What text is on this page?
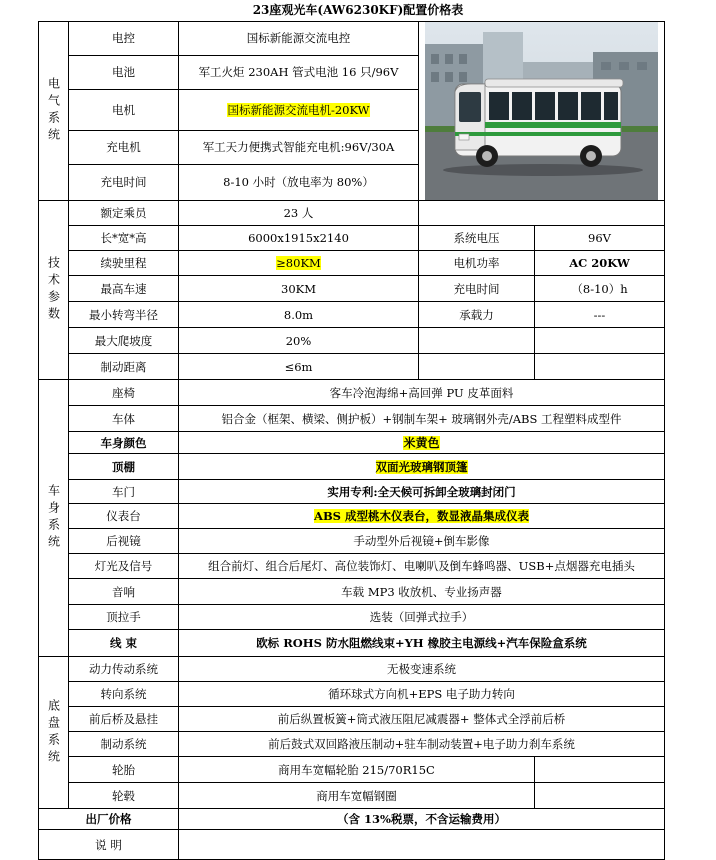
23座观光车(AW6230KF)配置价格表
电气系统	电控	国标新能源交流电控	

	电池	军工火炬 230AH 管式电池 16 只/96V		
	电机	国标新能源交流电机-20KW		
	充电机	军工天力便携式智能充电机:96V/30A		
	充电时间	8-10 小时（放电率为 80%）		
技术参数	额定乘员	23 人		
	长*宽*高	6000x1915x2140	系统电压	96V
	续驶里程	≥80KM	电机功率	AC 20KW
	最高车速	30KM	充电时间	（8-10）h
	最小转弯半径	8.0m	承载力	---
	最大爬坡度	20%		
	制动距离	≤6m		
车身系统	座椅	客车冷泡海绵+高回弹 PU 皮革面料		
	车体	铝合金（框架、横梁、侧护板）+钢制车架+ 玻璃钢外壳/ABS 工程塑料成型件		
	车身颜色	米黄色		
	顶棚	双面光玻璃钢顶篷		
	车门	实用专利:全天候可拆卸全玻璃封闭门		
	仪表台	ABS 成型桃木仪表台，数显液晶集成仪表		
	后视镜	手动型外后视镜+倒车影像		
	灯光及信号	组合前灯、组合后尾灯、高位装饰灯、电喇叭及倒车蜂鸣器、USB+点烟器充电插头		
	音响	车载 MP3 收放机、专业扬声器		
	顶拉手	选装（回弹式拉手）		
	线 束	欧标 ROHS 防水阻燃线束+YH 橡胶主电源线+汽车保险盒系统		
底盘系统	动力传动系统	无极变速系统		
	转向系统	循环球式方向机+EPS 电子助力转向		
	前后桥及悬挂	前后纵置板簧+筒式液压阻尼减震器+ 整体式全浮前后桥		
	制动系统	前后鼓式双回路液压制动+驻车制动装置+电子助力刹车系统		
	轮胎	商用车宽幅轮胎 215/70R15C		
	轮毂	商用车宽幅钢圈		
出厂价格		（含 13%税票，不含运输费用）		
说 明				
